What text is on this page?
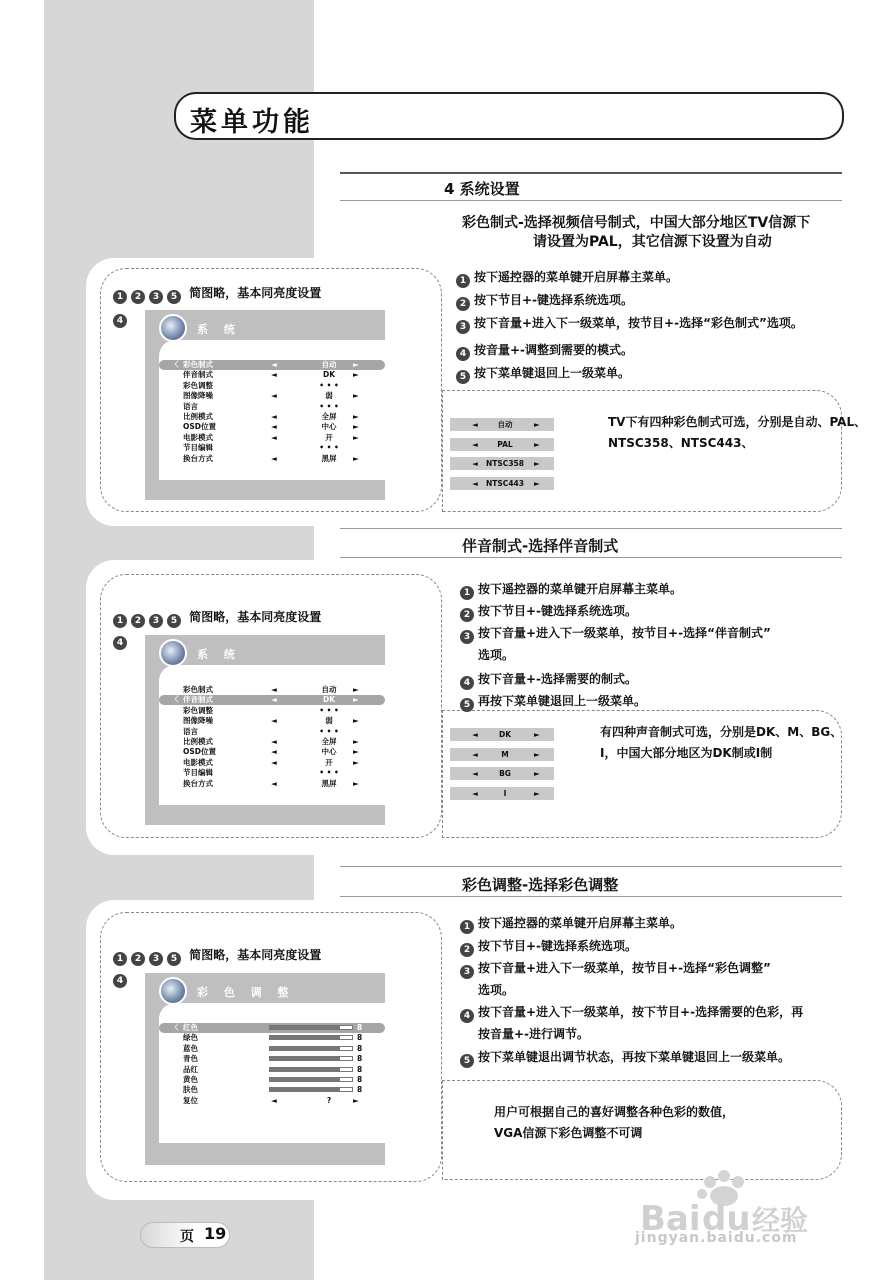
菜单功能
4 系统设置
彩色制式-选择视频信号制式，中国大部分地区TV信源下
请设置为PAL，其它信源下设置为自动
1 2 3 5 简图略，基本同亮度设置
4
系 统
〈 彩色制式	◄	自动	►
伴音制式	◄	DK	►
彩色调整	• • •
图像降噪	◄	弱	►
语言	• • •
比例模式	◄	全屏	►
OSD位置	◄	中心	►
电影模式	◄	开	►
节目编辑	• • •
换台方式	◄	黑屏	►
1 按下遥控器的菜单键开启屏幕主菜单。
2 按下节目+-键选择系统选项。
3 按下音量+进入下一级菜单，按节目+-选择“彩色制式”选项。
4 按音量+-调整到需要的模式。
5 按下菜单键退回上一级菜单。
◄	自动	►
◄	PAL	►
◄	NTSC358	►
◄	NTSC443	►
TV下有四种彩色制式可选，分别是自动、PAL、
NTSC358、NTSC443、
伴音制式-选择伴音制式
1 2 3 5 简图略，基本同亮度设置
4
系 统
彩色制式	◄	自动	►
〈 伴音制式	◄	DK	►
彩色调整	• • •
图像降噪	◄	弱	►
语言	• • •
比例模式	◄	全屏	►
OSD位置	◄	中心	►
电影模式	◄	开	►
节目编辑	• • •
换台方式	◄	黑屏	►
1 按下遥控器的菜单键开启屏幕主菜单。
2 按下节目+-键选择系统选项。
3 按下音量+进入下一级菜单，按节目+-选择“伴音制式”
选项。
4 按下音量+-选择需要的制式。
5 再按下菜单键退回上一级菜单。
◄	DK	►
◄	M	►
◄	BG	►
◄	I	►
有四种声音制式可选，分别是DK、M、BG、
I，中国大部分地区为DK制或I制
彩色调整-选择彩色调整
1 2 3 5 简图略，基本同亮度设置
4
彩 色 调 整
〈 红色	8
绿色	8
蓝色	8
青色	8
品红	8
黄色	8
肤色	8
复位	◄	?	►
1 按下遥控器的菜单键开启屏幕主菜单。
2 按下节目+-键选择系统选项。
3 按下音量+进入下一级菜单，按节目+-选择“彩色调整”
选项。
4 按下音量+进入下一级菜单，按下节目+-选择需要的色彩，再
按音量+-进行调节。
5 按下菜单键退出调节状态，再按下菜单键退回上一级菜单。
用户可根据自己的喜好调整各种色彩的数值，
VGA信源下彩色调整不可调
页 19	Bai du 经验
jingyan.baidu.com
